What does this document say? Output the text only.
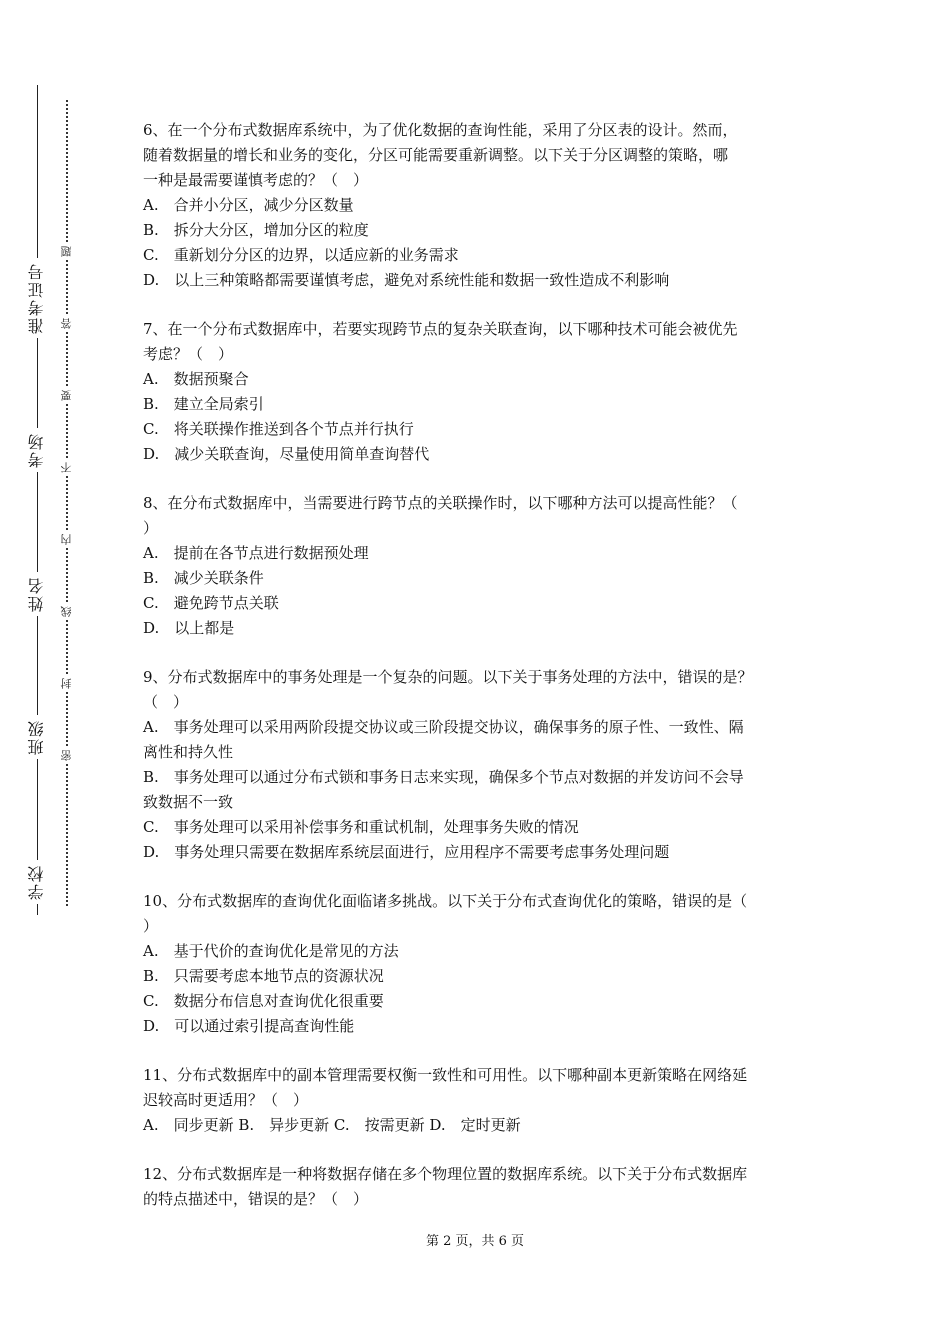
准考证号
考场
姓名
班级
学校
题
答
要
不
内
线
封
密
6、在一个分布式数据库系统中，为了优化数据的查询性能，采用了分区表的设计。然而，
随着数据量的增长和业务的变化，分区可能需要重新调整。以下关于分区调整的策略，哪
一种是最需要谨慎考虑的？（　）
A.　合并小分区，减少分区数量
B.　拆分大分区，增加分区的粒度
C.　重新划分分区的边界，以适应新的业务需求
D.　以上三种策略都需要谨慎考虑，避免对系统性能和数据一致性造成不利影响
7、在一个分布式数据库中，若要实现跨节点的复杂关联查询，以下哪种技术可能会被优先
考虑？（　）
A.　数据预聚合
B.　建立全局索引
C.　将关联操作推送到各个节点并行执行
D.　减少关联查询，尽量使用简单查询替代
8、在分布式数据库中，当需要进行跨节点的关联操作时，以下哪种方法可以提高性能？（
）
A.　提前在各节点进行数据预处理
B.　减少关联条件
C.　避免跨节点关联
D.　以上都是
9、分布式数据库中的事务处理是一个复杂的问题。以下关于事务处理的方法中，错误的是？
（　）
A.　事务处理可以采用两阶段提交协议或三阶段提交协议，确保事务的原子性、一致性、隔
离性和持久性
B.　事务处理可以通过分布式锁和事务日志来实现，确保多个节点对数据的并发访问不会导
致数据不一致
C.　事务处理可以采用补偿事务和重试机制，处理事务失败的情况
D.　事务处理只需要在数据库系统层面进行，应用程序不需要考虑事务处理问题
10、分布式数据库的查询优化面临诸多挑战。以下关于分布式查询优化的策略，错误的是（
）
A.　基于代价的查询优化是常见的方法
B.　只需要考虑本地节点的资源状况
C.　数据分布信息对查询优化很重要
D.　可以通过索引提高查询性能
11、分布式数据库中的副本管理需要权衡一致性和可用性。以下哪种副本更新策略在网络延
迟较高时更适用？（　）
A.　同步更新 B.　异步更新 C.　按需更新 D.　定时更新
12、分布式数据库是一种将数据存储在多个物理位置的数据库系统。以下关于分布式数据库
的特点描述中，错误的是？（　）
第 2 页，共 6 页
